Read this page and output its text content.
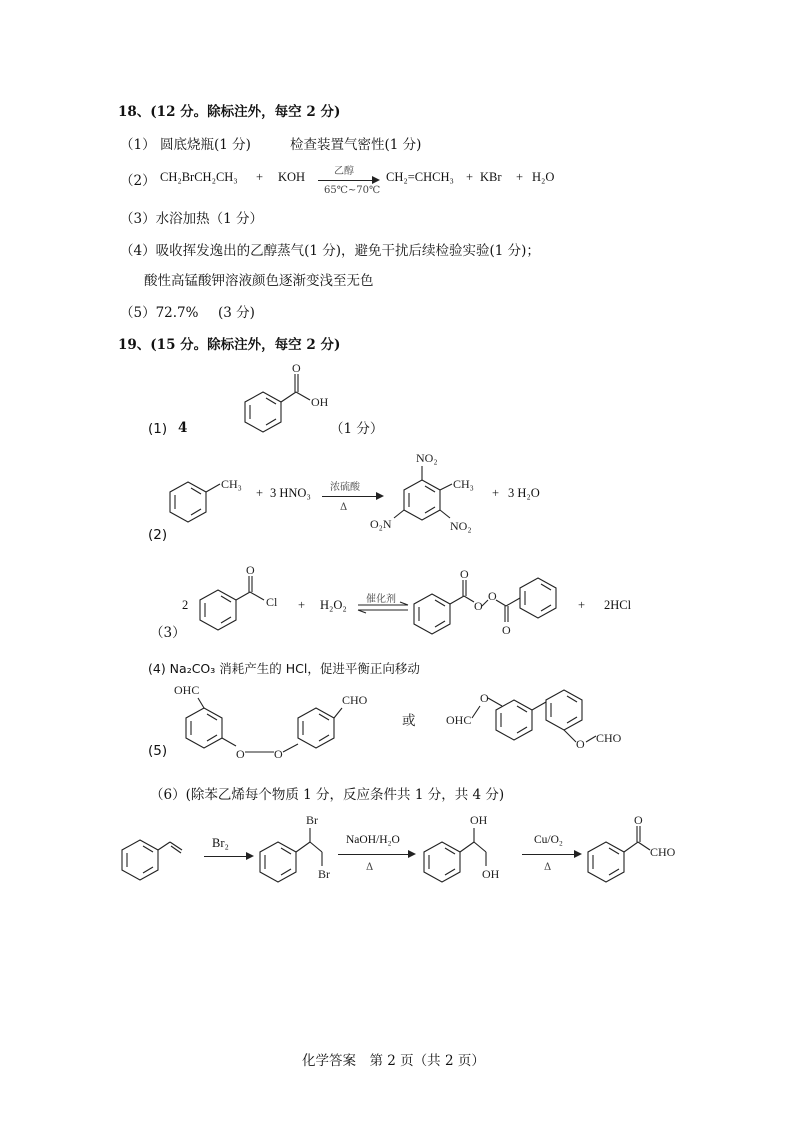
18、(12 分。除标注外，每空 2 分)
（1） 圆底烧瓶(1 分)	检查装置气密性(1 分)
（2） CH₂BrCH₂CH₃ + KOH	乙醇
65℃~70℃
CH₂=CHCH₃ + KBr + H₂O
（3）水浴加热（1 分）
（4）吸收挥发逸出的乙醇蒸气(1 分)，避免干扰后续检验实验(1 分)；
酸性高锰酸钾溶液颜色逐渐变浅至无色
（5）72.7% (3 分)
19、(15 分。除标注外，每空 2 分)
(1) 4
O
OH
（1 分）
CH₃
+ 3 HNO₃ 浓硫酸
Δ
NO₂
CH₃
O₂N	NO₂
+ 3 H₂O
(2)
2
O
Cl + H₂O₂ 催化剂
O
O
O
O
+ 2HCl
（3）
(4) Na₂CO₃ 消耗产生的 HCl，促进平衡正向移动
OHC
O O
CHO
或	OHC
O
O CHO
(5)
（6）(除苯乙烯每个物质 1 分，反应条件共 1 分，共 4 分)
Br₂
Br
Br
NaOH/H₂O
Δ
OH
OH
Cu/O₂
Δ
O
CHO
化学答案　第 2 页（共 2 页）
